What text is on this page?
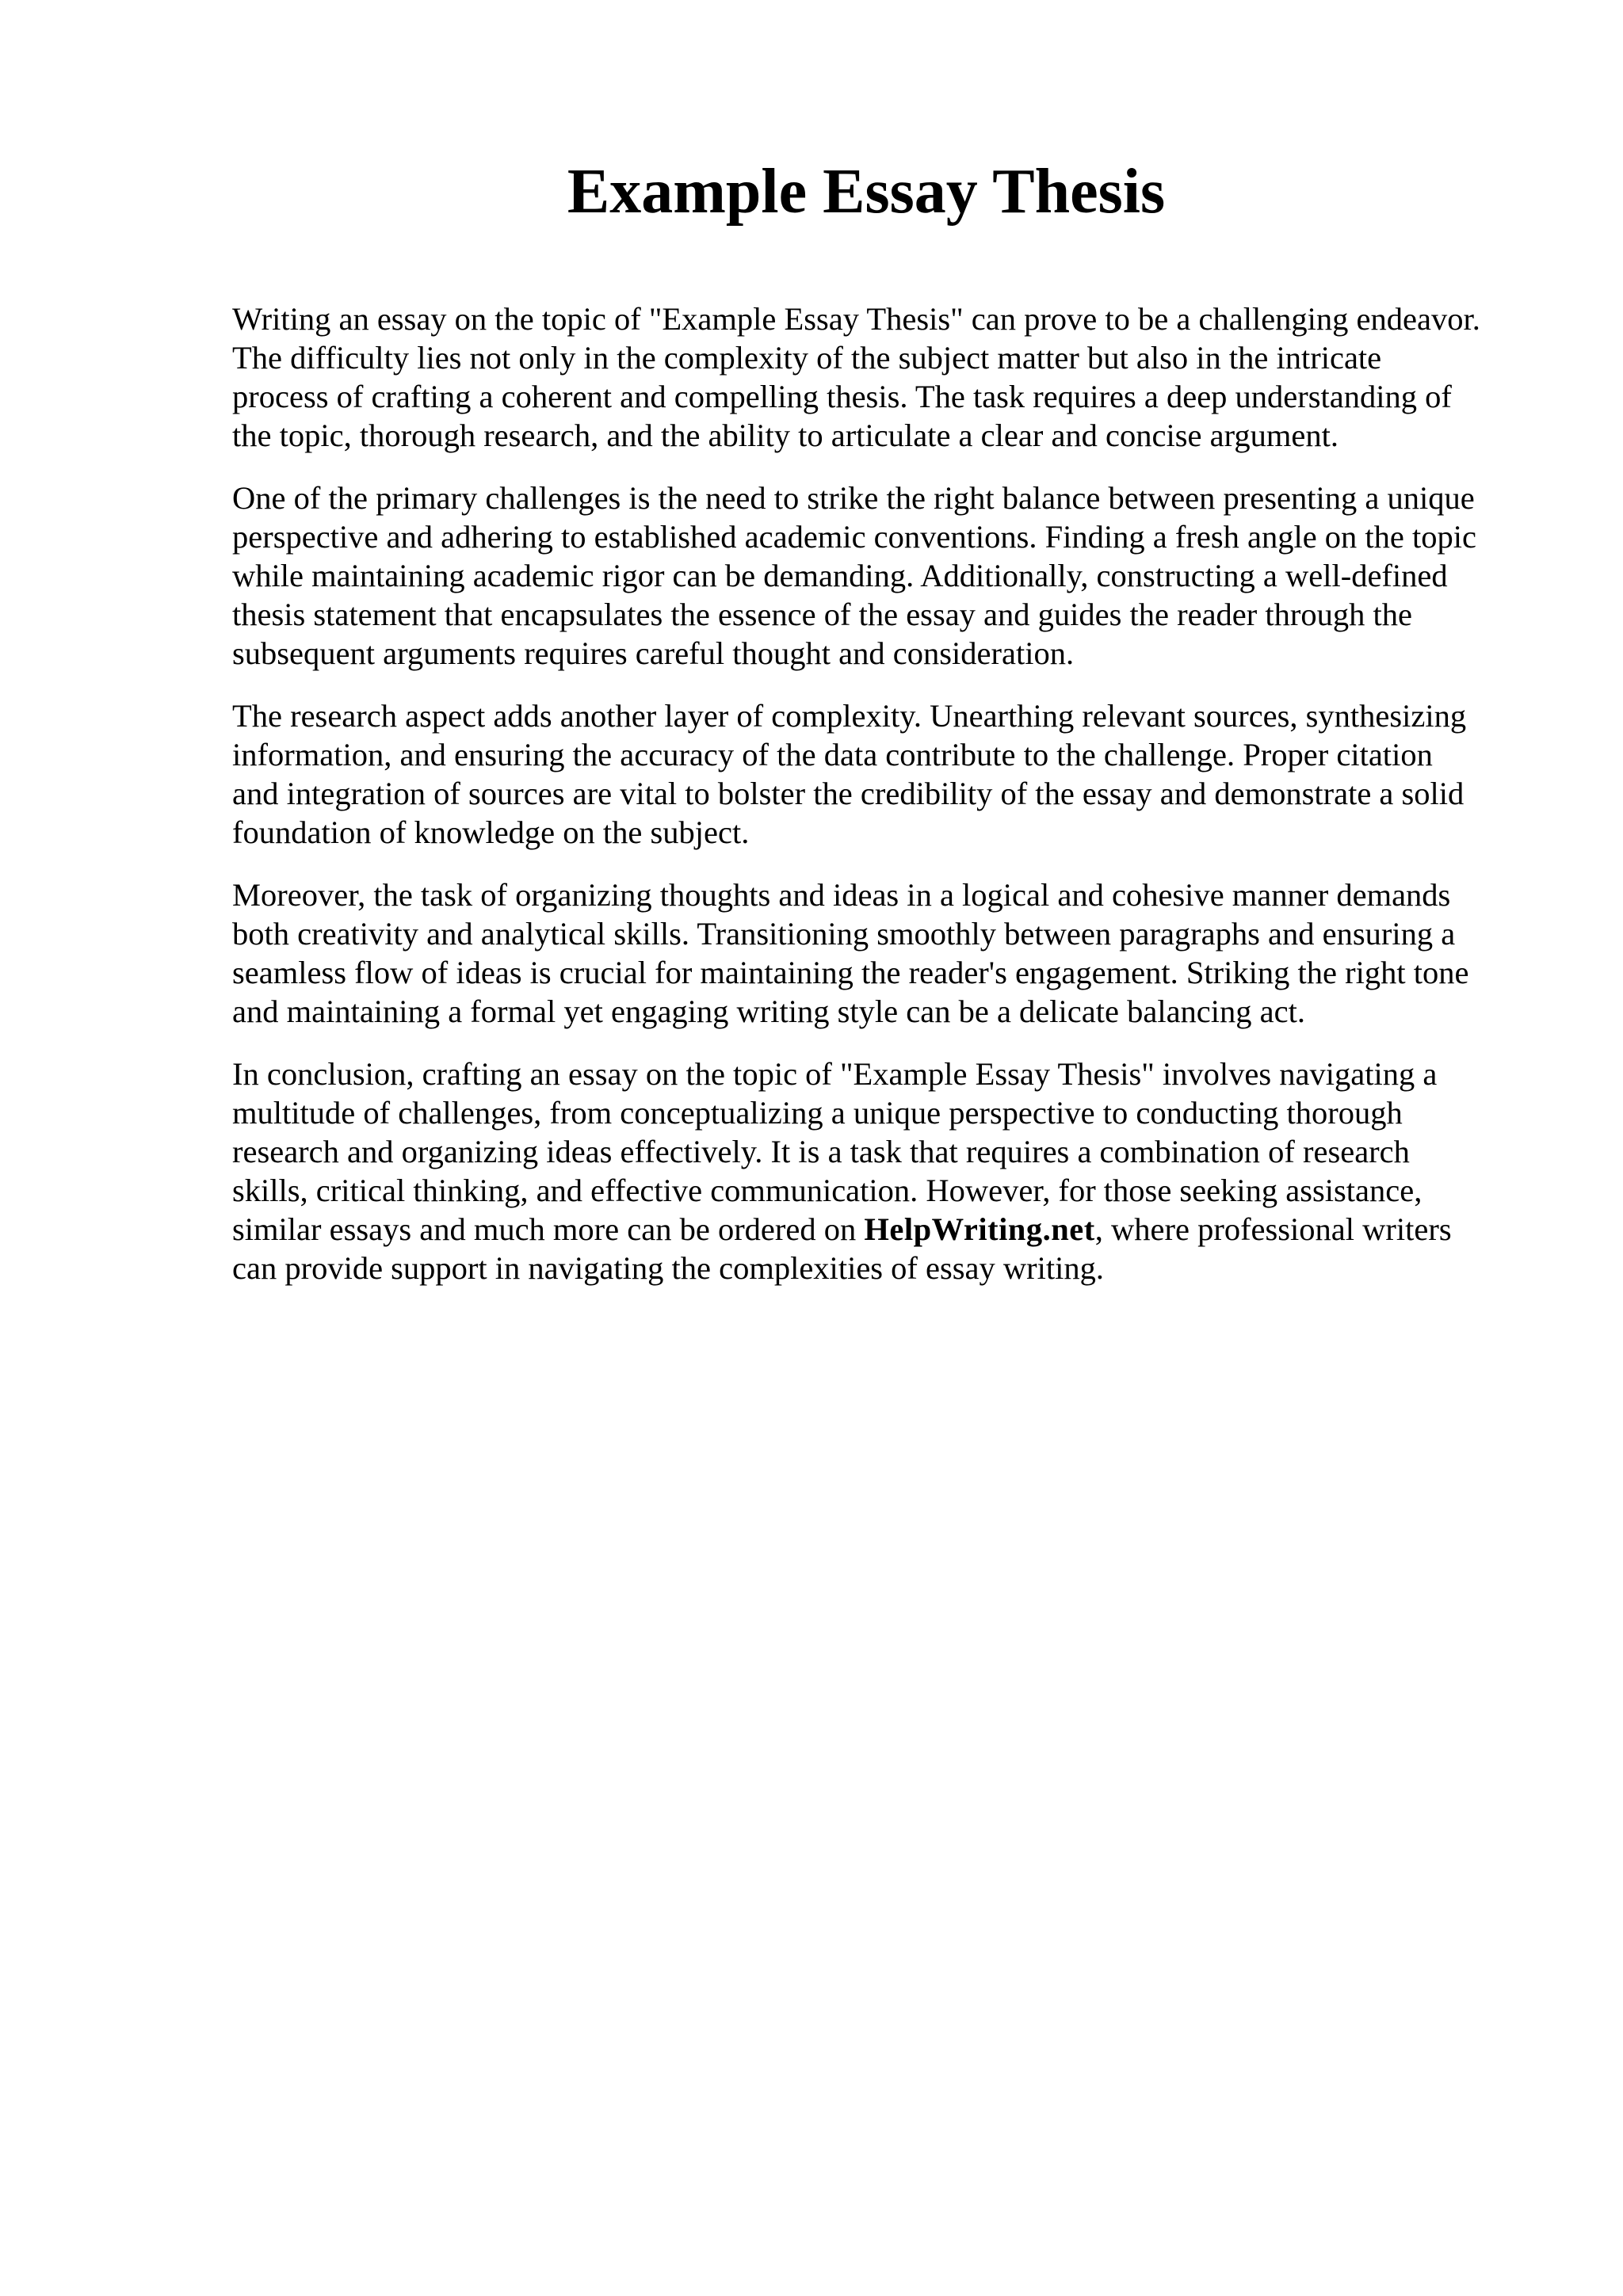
Example Essay Thesis

Writing an essay on the topic of "Example Essay Thesis" can prove to be a challenging endeavor.
The difficulty lies not only in the complexity of the subject matter but also in the intricate
process of crafting a coherent and compelling thesis. The task requires a deep understanding of
the topic, thorough research, and the ability to articulate a clear and concise argument.

One of the primary challenges is the need to strike the right balance between presenting a unique
perspective and adhering to established academic conventions. Finding a fresh angle on the topic
while maintaining academic rigor can be demanding. Additionally, constructing a well-defined
thesis statement that encapsulates the essence of the essay and guides the reader through the
subsequent arguments requires careful thought and consideration.

The research aspect adds another layer of complexity. Unearthing relevant sources, synthesizing
information, and ensuring the accuracy of the data contribute to the challenge. Proper citation
and integration of sources are vital to bolster the credibility of the essay and demonstrate a solid
foundation of knowledge on the subject.

Moreover, the task of organizing thoughts and ideas in a logical and cohesive manner demands
both creativity and analytical skills. Transitioning smoothly between paragraphs and ensuring a
seamless flow of ideas is crucial for maintaining the reader's engagement. Striking the right tone
and maintaining a formal yet engaging writing style can be a delicate balancing act.

In conclusion, crafting an essay on the topic of "Example Essay Thesis" involves navigating a
multitude of challenges, from conceptualizing a unique perspective to conducting thorough
research and organizing ideas effectively. It is a task that requires a combination of research
skills, critical thinking, and effective communication. However, for those seeking assistance,
similar essays and much more can be ordered on HelpWriting.net, where professional writers
can provide support in navigating the complexities of essay writing.
